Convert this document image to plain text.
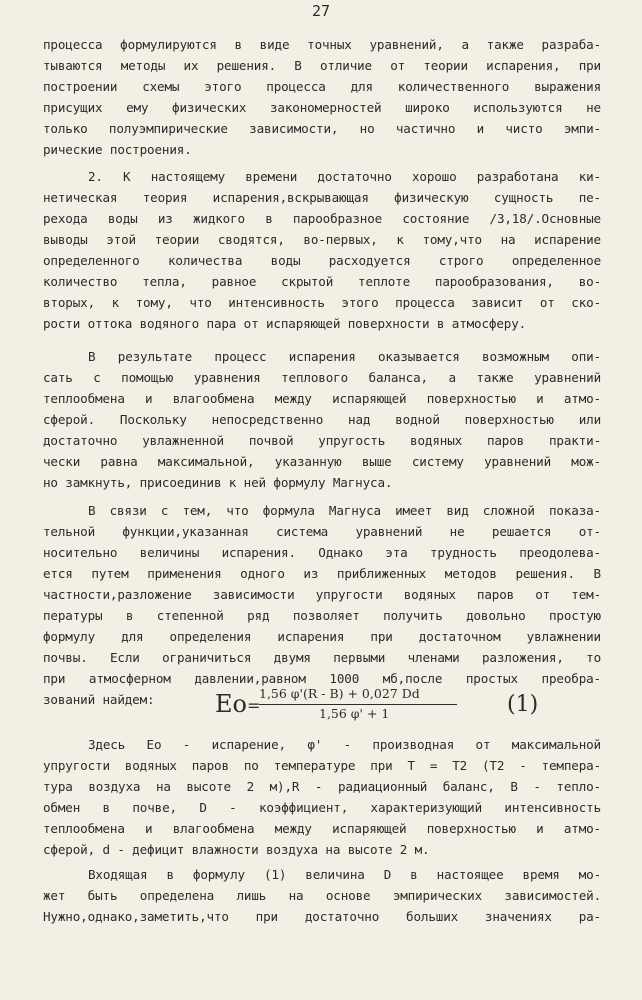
27
процесса формулируются в виде точных уравнений, а также разраба-
тываются методы их решения. В отличие от теории испарения, при
построении схемы этого процесса для количественного выражения
присущих ему физических закономерностей широко используются не
только полуэмпирические зависимости, но частично и чисто эмпи-
рические построения.
2. К настоящему времени достаточно хорошо разработана ки-
нетическая теория испарения,вскрывающая физическую сущность пе-
рехода воды из жидкого в парообразное состояние /3,18/.Основные
выводы этой теории сводятся, во-первых, к тому,что на испарение
определенного количества воды расходуется строго определенное
количество тепла, равное скрытой теплоте парообразования, во-
вторых, к тому, что интенсивность этого процесса зависит от ско-
рости оттока водяного пара от испаряющей поверхности в атмосферу.
В результате процесс испарения оказывается возможным опи-
сать с помощью уравнения теплового баланса, а также уравнений
теплообмена и влагообмена между испаряющей поверхностью и атмо-
сферой. Поскольку непосредственно над водной поверхностью или
достаточно увлажненной почвой упругость водяных паров практи-
чески равна максимальной, указанную выше систему уравнений мож-
но замкнуть, присоединив к ней формулу Магнуса.
В связи с тем, что формула Магнуса имеет вид сложной показа-
тельной функции,указанная система уравнений не решается от-
носительно величины испарения. Однако эта трудность преодолева-
ется путем применения одного из приближенных методов решения. В
частности,разложение зависимости упругости водяных паров от тем-
пературы в степенной ряд позволяет получить довольно простую
формулу для определения испарения при достаточном увлажнении
почвы. Если ограничиться двумя первыми членами разложения, то
при атмосферном давлении,равном 1000 мб,после простых преобра-
зований найдем:
Здесь Eо - испарение, φ' - производная от максимальной
упругости водяных паров по температуре при T = T2 (T2 - темпера-
тура воздуха на высоте 2 м),R - радиационный баланс, B - тепло-
обмен в почве, D - коэффициент, характеризующий интенсивность
теплообмена и влагообмена между испаряющей поверхностью и атмо-
сферой, d - дефицит влажности воздуха на высоте 2 м.
Входящая в формулу (1) величина D в настоящее время мо-
жет быть определена лишь на основе эмпирических зависимостей.
Нужно,однако,заметить,что при достаточно больших значениях ра-
Eо =
1,56 φ'(R - B) + 0,027 Dd
1,56 φ' + 1	(1)
